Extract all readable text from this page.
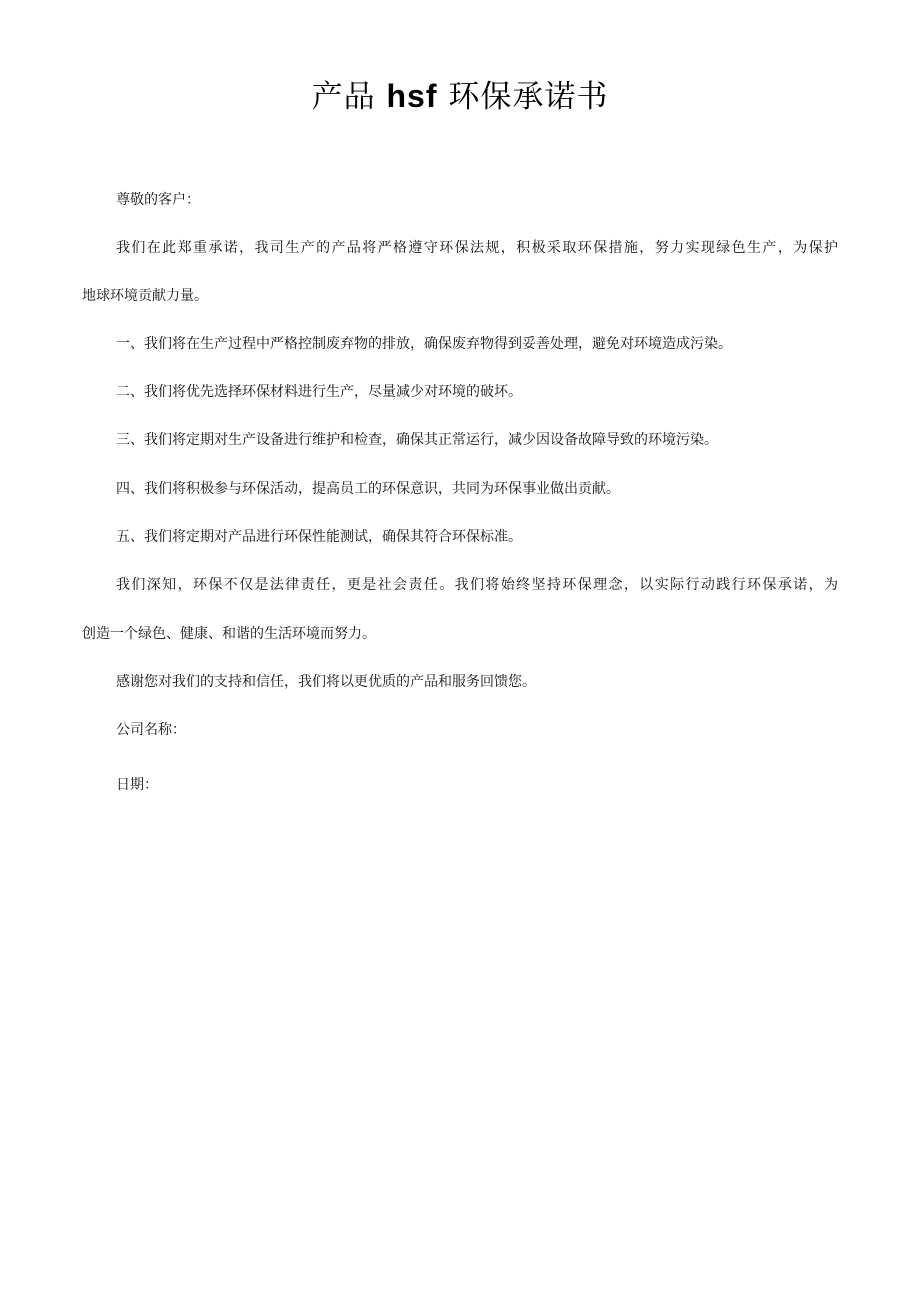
产品 hsf 环保承诺书
尊敬的客户：
我们在此郑重承诺，我司生产的产品将严格遵守环保法规，积极采取环保措施，努力实现绿色生产，为保护
地球环境贡献力量。
一、我们将在生产过程中严格控制废弃物的排放，确保废弃物得到妥善处理，避免对环境造成污染。
二、我们将优先选择环保材料进行生产，尽量减少对环境的破坏。
三、我们将定期对生产设备进行维护和检查，确保其正常运行，减少因设备故障导致的环境污染。
四、我们将积极参与环保活动，提高员工的环保意识，共同为环保事业做出贡献。
五、我们将定期对产品进行环保性能测试，确保其符合环保标准。
我们深知，环保不仅是法律责任，更是社会责任。我们将始终坚持环保理念，以实际行动践行环保承诺，为
创造一个绿色、健康、和谐的生活环境而努力。
感谢您对我们的支持和信任，我们将以更优质的产品和服务回馈您。
公司名称：
日期：
